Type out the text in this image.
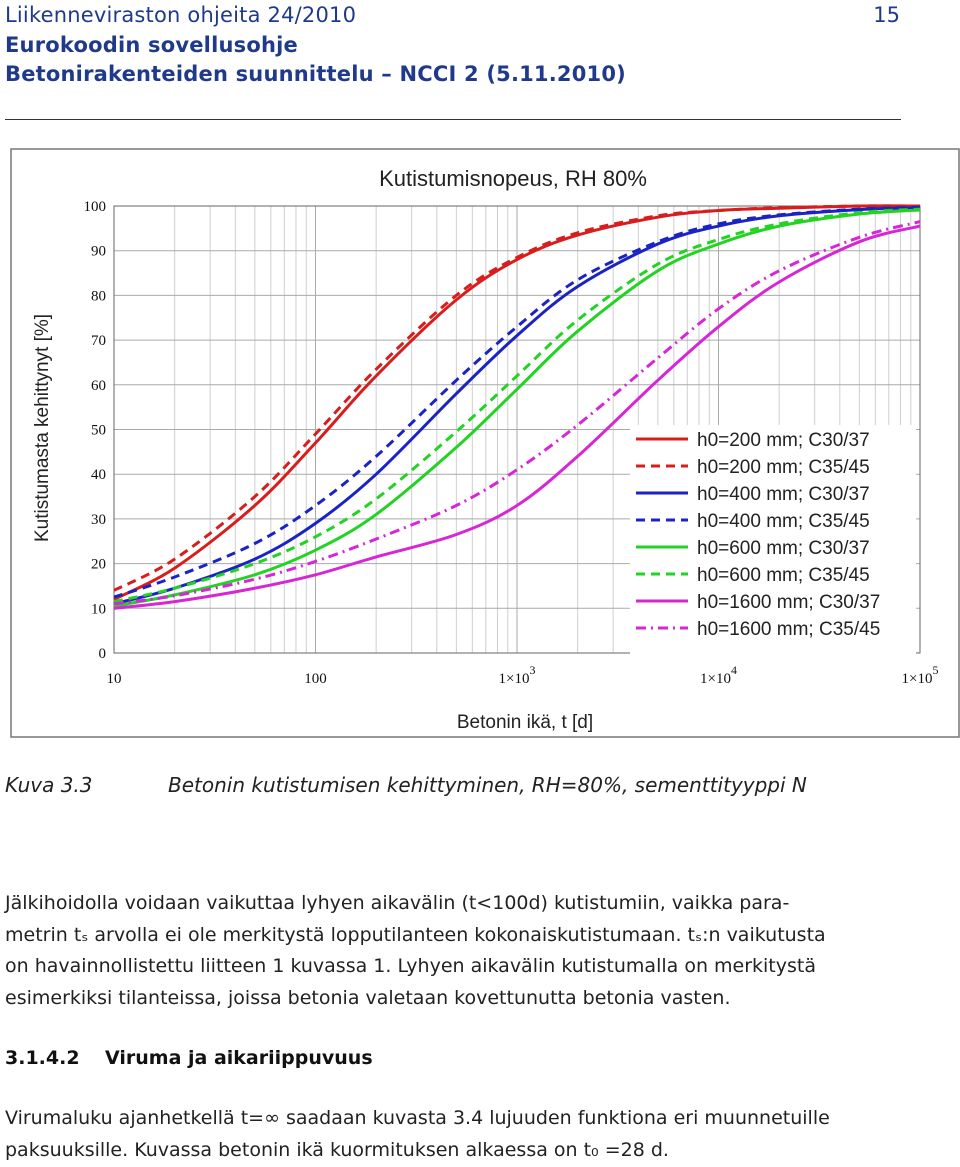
Liikenneviraston ohjeita 24/2010
Eurokoodin sovellusohje
Betonirakenteiden suunnittelu – NCCI 2 (5.11.2010)
15
Kutistumisnopeus, RH 80%
Kutistumasta kehittynyt [%]
Betonin ikä, t [d]
0
10
20
30
40
50
60
70
80
90
100
10	100	$1\times 10^3$
$1\times 10^4$
$1\times 10^5$
h0=200 mm; C30/37
h0=200 mm; C35/45
h0=400 mm; C30/37
h0=400 mm; C35/45
h0=600 mm; C30/37
h0=600 mm; C35/45
h0=1600 mm; C30/37
h0=1600 mm; C35/45
Kuva 3.3	Betonin kutistumisen kehittyminen, RH=80%, sementtityyppi N
Jälkihoidolla voidaan vaikuttaa lyhyen aikavälin (t<100d) kutistumiin, vaikka para-
metrin tₛ arvolla ei ole merkitystä lopputilanteen kokonaiskutistumaan. tₛ:n vaikutusta
on havainnollistettu liitteen 1 kuvassa 1. Lyhyen aikavälin kutistumalla on merkitystä
esimerkiksi tilanteissa, joissa betonia valetaan kovettunutta betonia vasten.
3.1.4.2 Viruma ja aikariippuvuus
Virumaluku ajanhetkellä t=∞ saadaan kuvasta 3.4 lujuuden funktiona eri muunnetuille
paksuuksille. Kuvassa betonin ikä kuormituksen alkaessa on t₀ =28 d.
